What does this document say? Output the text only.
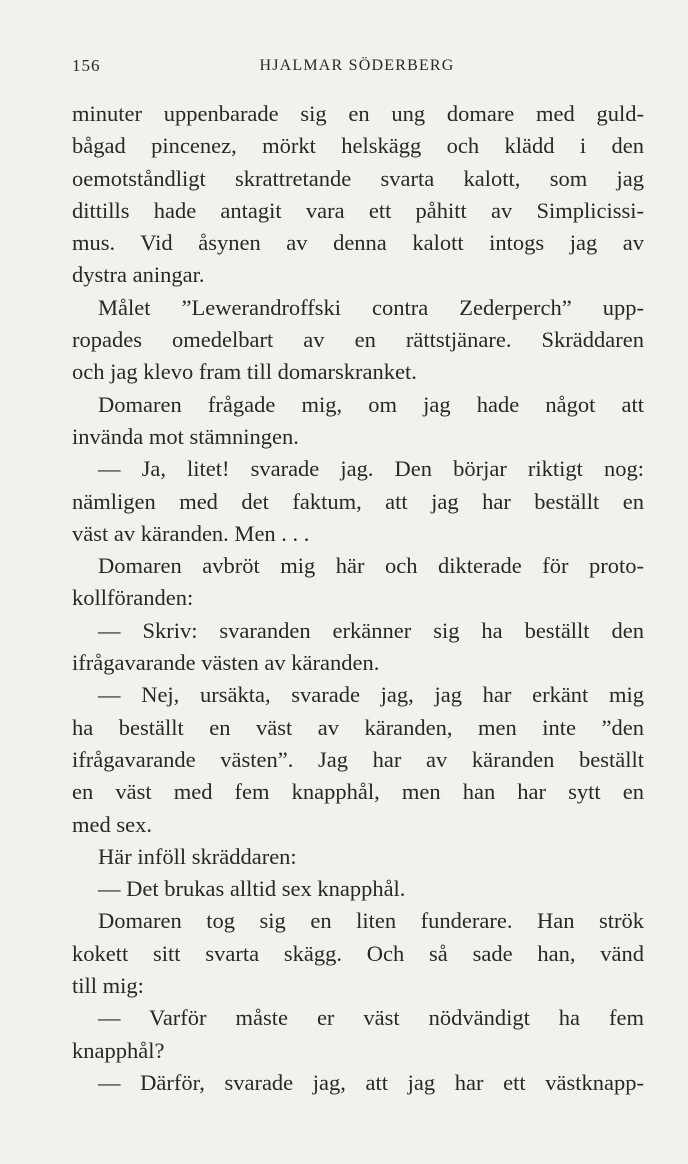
156	HJALMAR SÖDERBERG
minuter uppenbarade sig en ung domare med guld-
bågad pincenez, mörkt helskägg och klädd i den
oemotståndligt skrattretande svarta kalott, som jag
dittills hade antagit vara ett påhitt av Simplicissi-
mus. Vid åsynen av denna kalott intogs jag av
dystra aningar.
Målet ”Lewerandroffski contra Zederperch” upp-
ropades omedelbart av en rättstjänare. Skräddaren
och jag klevo fram till domarskranket.
Domaren frågade mig, om jag hade något att
invända mot stämningen.
— Ja, litet! svarade jag. Den börjar riktigt nog:
nämligen med det faktum, att jag har beställt en
väst av käranden. Men . . .
Domaren avbröt mig här och dikterade för proto-
kollföranden:
— Skriv: svaranden erkänner sig ha beställt den
ifrågavarande västen av käranden.
— Nej, ursäkta, svarade jag, jag har erkänt mig
ha beställt en väst av käranden, men inte ”den
ifrågavarande västen”. Jag har av käranden beställt
en väst med fem knapphål, men han har sytt en
med sex.
Här inföll skräddaren:
— Det brukas alltid sex knapphål.
Domaren tog sig en liten funderare. Han strök
kokett sitt svarta skägg. Och så sade han, vänd
till mig:
— Varför måste er väst nödvändigt ha fem
knapphål?
— Därför, svarade jag, att jag har ett västknapp-
